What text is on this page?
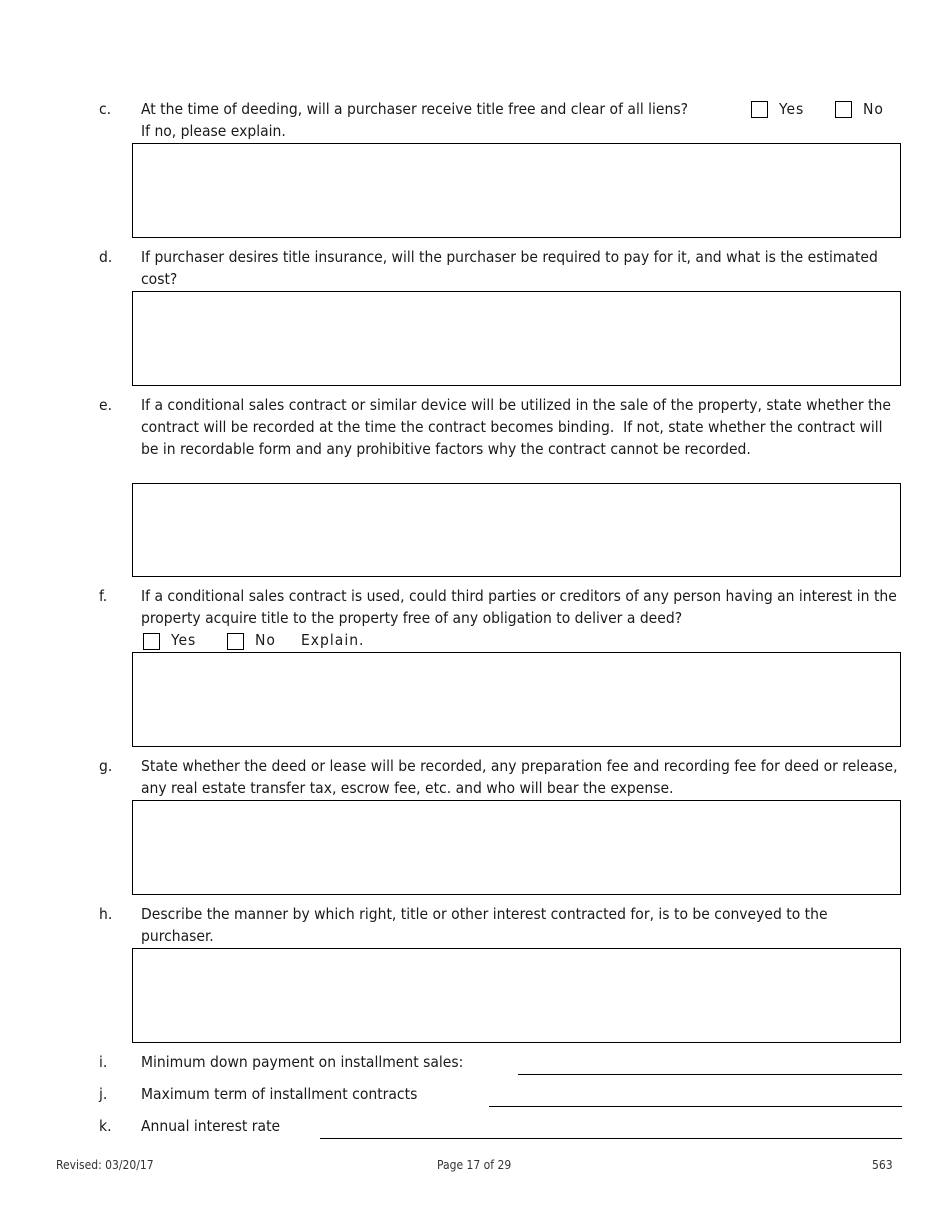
c. At the time of deeding, will a purchaser receive title free and clear of all liens?
If no, please explain.
Yes	No
d. If purchaser desires title insurance, will the purchaser be required to pay for it, and what is the estimated cost?
e. If a conditional sales contract or similar device will be utilized in the sale of the property, state whether the contract will be recorded at the time the contract becomes binding.  If not, state whether the contract will be in recordable form and any prohibitive factors why the contract cannot be recorded.
f. If a conditional sales contract is used, could third parties or creditors of any person having an interest in the property acquire title to the property free of any obligation to deliver a deed?
Yes	No Explain.
g. State whether the deed or lease will be recorded, any preparation fee and recording fee for deed or release, any real estate transfer tax, escrow fee, etc. and who will bear the expense.
h. Describe the manner by which right, title or other interest contracted for, is to be conveyed to the purchaser.
i. Minimum down payment on installment sales:
j. Maximum term of installment contracts
k. Annual interest rate
Revised: 03/20/17	Page 17 of 29	563
